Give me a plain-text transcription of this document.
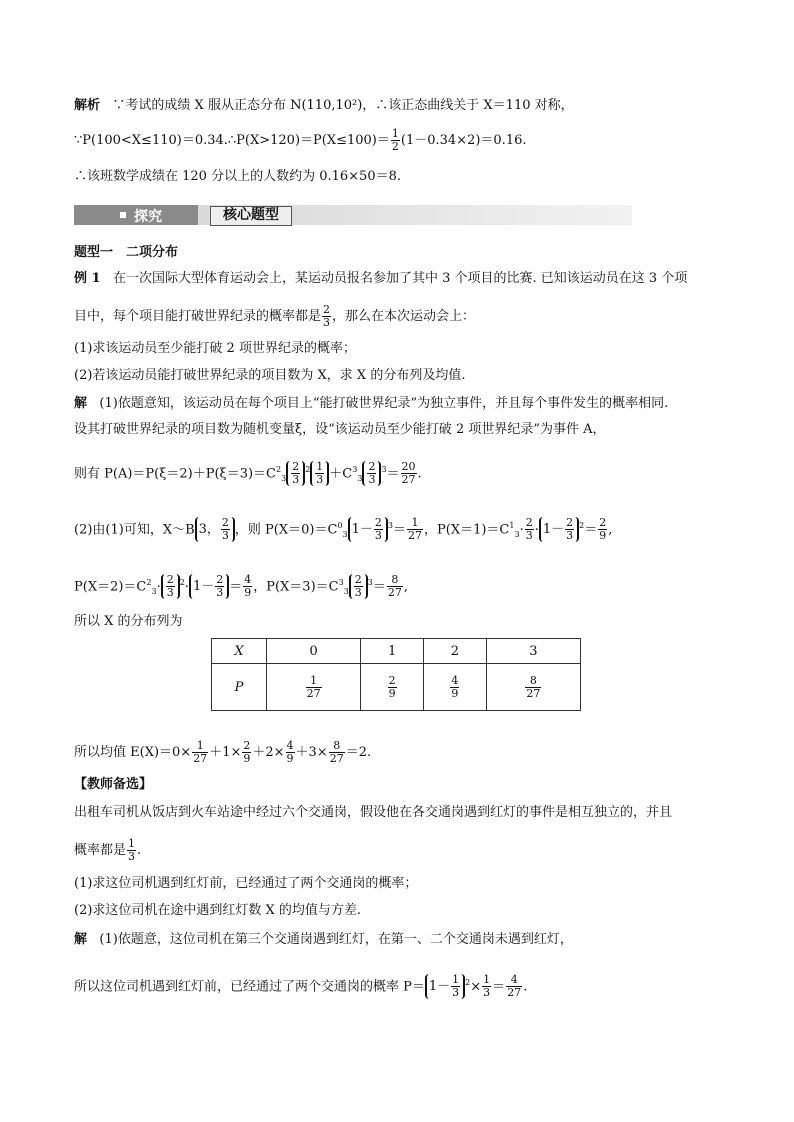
解析 ∵考试的成绩 X 服从正态分布 N(110,10²)，∴该正态曲线关于 X＝110 对称，
∵P(100<X≤110)＝0.34.∴P(X>120)＝P(X≤100)＝ $\frac{1}{2} (1-0.34\times 2)=0.16$.
∴该班数学成绩在 120 分以上的人数约为 0.16×50＝8.
探究	核心题型
题型一　二项分布
例 1 在一次国际大型体育运动会上，某运动员报名参加了其中 3 个项目的比赛. 已知该运动员在这 3 个项
目中，每个项目能打破世界纪录的概率都是 $\frac{2}{3}$ ，那么在本次运动会上：
(1)求该运动员至少能打破 2 项世界纪录的概率；
(2)若该运动员能打破世界纪录的项目数为 X，求 X 的分布列及均值.
解 (1)依题意知，该运动员在每个项目上“能打破世界纪录”为独立事件，并且每个事件发生的概率相同.
设其打破世界纪录的项目数为随机变量ξ，设“该运动员至少能打破 2 项世界纪录”为事件 A，
则有 $P(A)=P(\xi=2)+P(\xi=3)=C^2_3 \frac{2}{3} ^2 \frac{1}{3} +C^3_3 \frac{2}{3} ^3= \frac{20}{27}$ .
(2)由(1)可知，X～B 3， $\frac{2}{3}$ ，则 $P(X=0)=C^0_3$ $1- \frac{2}{3} ^3= \frac{1}{27}$ ，$P(X=1)=C^1_3\cdot \frac{2}{3} \cdot 1- \frac{2}{3} ^2= \frac{2}{9}$ ,
$P(X=2)=C^2_3\cdot \frac{2}{3} ^2\cdot 1- \frac{2}{3} = \frac{4}{9}$ ，$P(X=3)=C^3_3 \frac{2}{3} ^3= \frac{8}{27}$ ,
所以 X 的分布列为
X	0	1	2	3
P	$\frac{1}{27}$	$\frac{2}{9}$	$\frac{4}{9}$	$\frac{8}{27}$
所以均值 $E(X)=0\times \frac{1}{27} +1\times \frac{2}{9} +2\times \frac{4}{9} +3\times \frac{8}{27} =2$.
【教师备选】
出租车司机从饭店到火车站途中经过六个交通岗，假设他在各交通岗遇到红灯的事件是相互独立的，并且
概率都是 $\frac{1}{3}$ .
(1)求这位司机遇到红灯前，已经通过了两个交通岗的概率；
(2)求这位司机在途中遇到红灯数 X 的均值与方差.
解 (1)依题意，这位司机在第三个交通岗遇到红灯，在第一、二个交通岗未遇到红灯，
所以这位司机遇到红灯前，已经通过了两个交通岗的概率 $P= 1- \frac{1}{3} ^2\times \frac{1}{3} = \frac{4}{27}$ .
